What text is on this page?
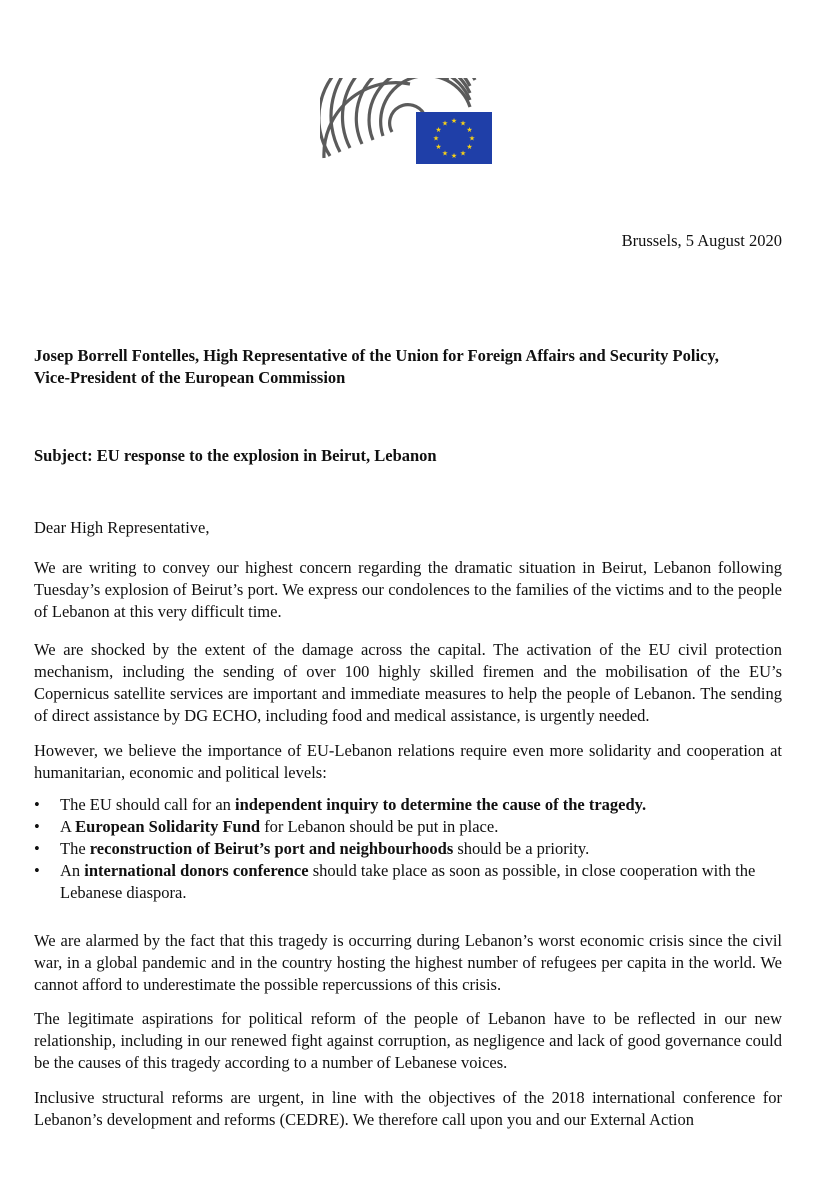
★ ★
★
★
★
★
★
★
★
★
★
★
Brussels, 5 August 2020

Josep Borrell Fontelles, High Representative of the Union for Foreign Affairs and Security Policy,
Vice-President of the European Commission

Subject: EU response to the explosion in Beirut, Lebanon

Dear High Representative,

We are writing to convey our highest concern regarding the dramatic situation in Beirut, Lebanon following Tuesday’s explosion of Beirut’s port. We express our condolences to the families of the victims and to the people of Lebanon at this very difficult time.

We are shocked by the extent of the damage across the capital. The activation of the EU civil protection mechanism, including the sending of over 100 highly skilled firemen and the mobilisation of the EU’s Copernicus satellite services are important and immediate measures to help the people of Lebanon. The sending of direct assistance by DG ECHO, including food and medical assistance, is urgently needed.

However, we believe the importance of EU-Lebanon relations require even more solidarity and cooperation at humanitarian, economic and political levels:

• The EU should call for an independent inquiry to determine the cause of the tragedy.
• A European Solidarity Fund for Lebanon should be put in place.
• The reconstruction of Beirut’s port and neighbourhoods should be a priority.
• An international donors conference should take place as soon as possible, in close cooperation with the Lebanese diaspora.

We are alarmed by the fact that this tragedy is occurring during Lebanon’s worst economic crisis since the civil war, in a global pandemic and in the country hosting the highest number of refugees per capita in the world. We cannot afford to underestimate the possible repercussions of this crisis.

The legitimate aspirations for political reform of the people of Lebanon have to be reflected in our new relationship, including in our renewed fight against corruption, as negligence and lack of good governance could be the causes of this tragedy according to a number of Lebanese voices.

Inclusive structural reforms are urgent, in line with the objectives of the 2018 international conference for Lebanon’s development and reforms (CEDRE). We therefore call upon you and our External Action
